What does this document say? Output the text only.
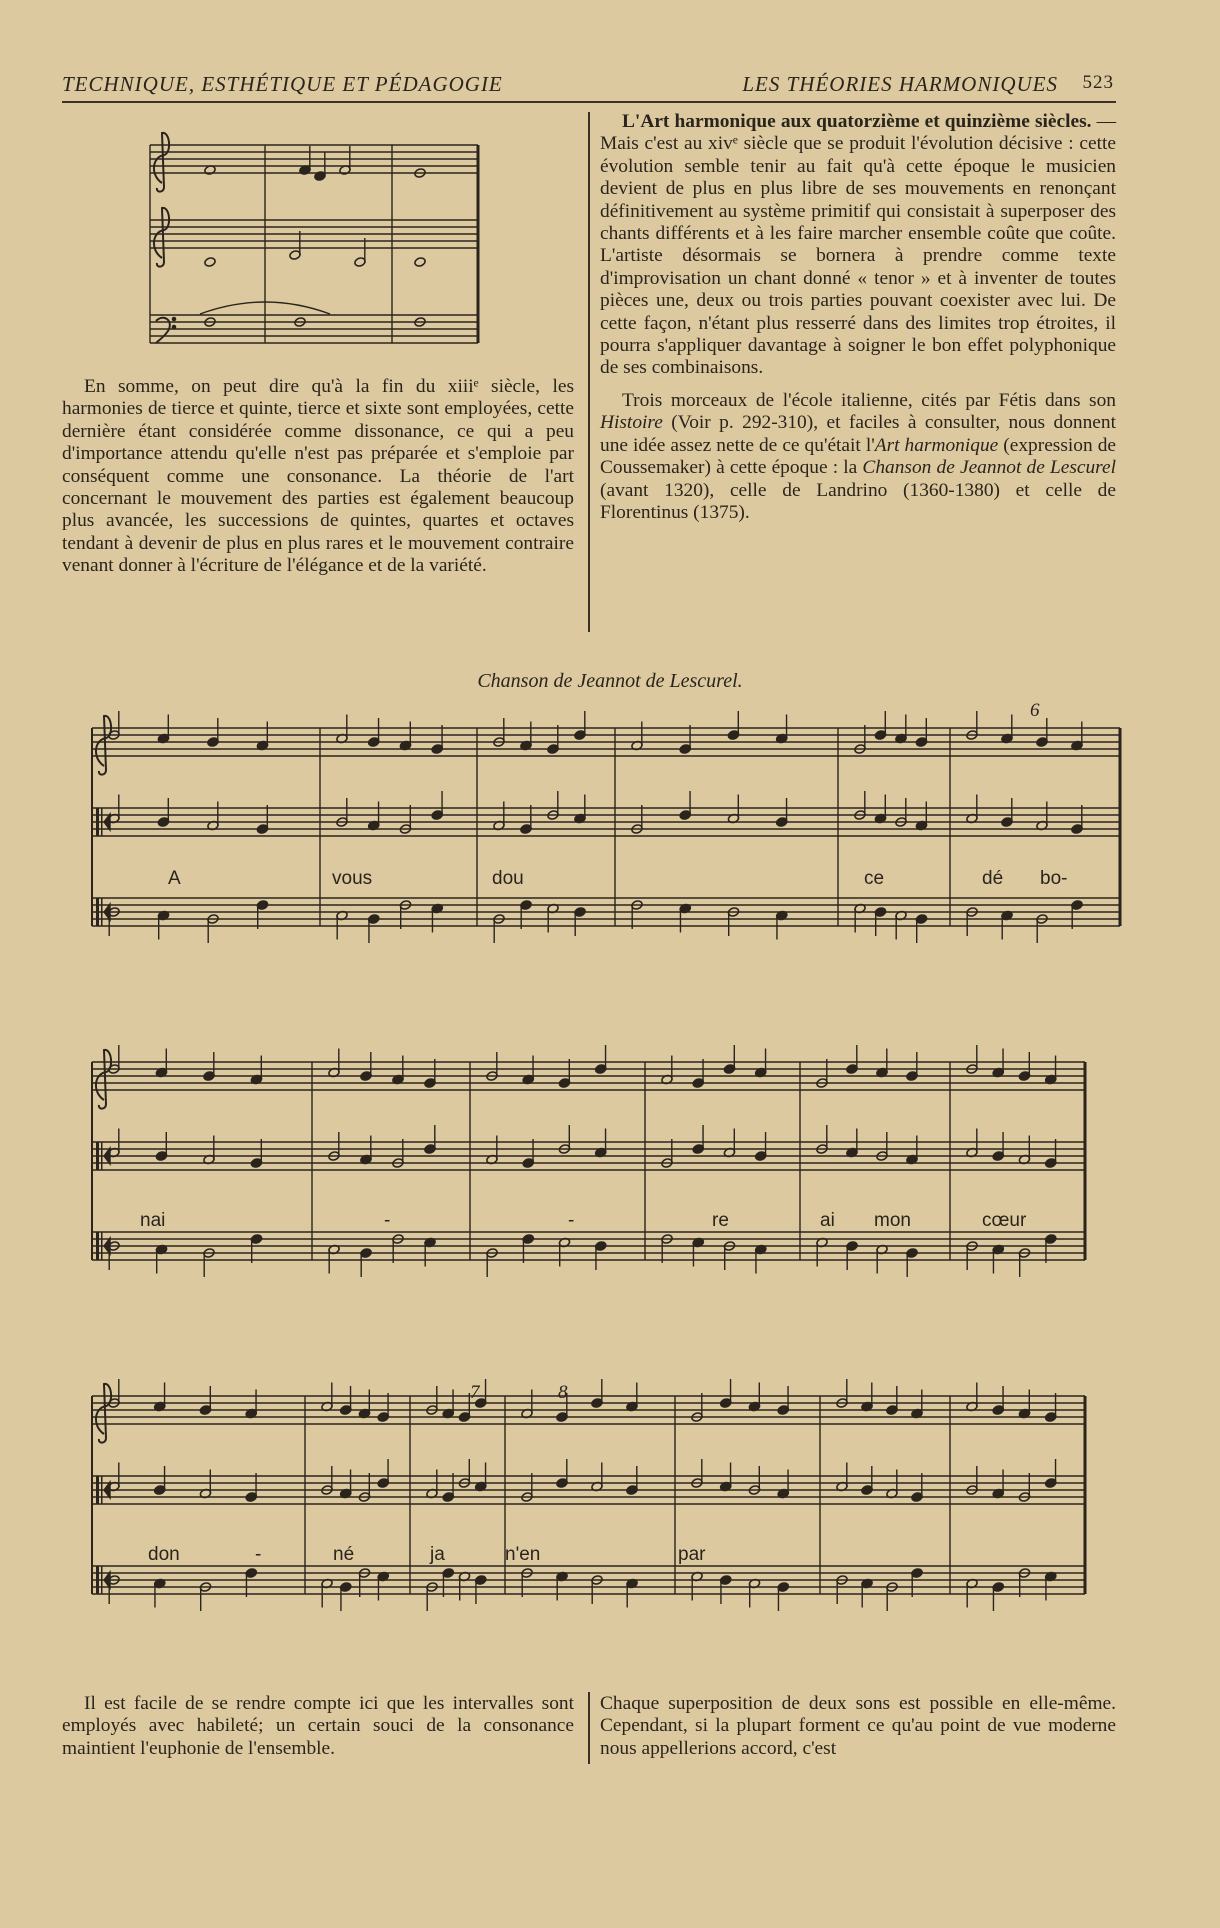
TECHNIQUE, ESTHÉTIQUE ET PÉDAGOGIE	LES THÉORIES HARMONIQUES 523

En somme, on peut dire qu'à la fin du xiiiᵉ siècle, les harmonies de tierce et quinte, tierce et sixte sont employées, cette dernière étant considérée comme dissonance, ce qui a peu d'importance attendu qu'elle n'est pas préparée et s'emploie par conséquent comme une consonance. La théorie de l'art concernant le mouvement des parties est également beaucoup plus avancée, les successions de quintes, quartes et octaves tendant à devenir de plus en plus rares et le mouvement contraire venant donner à l'écriture de l'élégance et de la variété.

L'Art harmonique aux quatorzième et quinzième siècles. — Mais c'est au xivᵉ siècle que se produit l'évolution décisive : cette évolution semble tenir au fait qu'à cette époque le musicien devient de plus en plus libre de ses mouvements en renonçant définitivement au système primitif qui consistait à superposer des chants différents et à les faire marcher ensemble coûte que coûte. L'artiste désormais se bornera à prendre comme texte d'improvisation un chant donné « tenor » et à inventer de toutes pièces une, deux ou trois parties pouvant coexister avec lui. De cette façon, n'étant plus resserré dans des limites trop étroites, il pourra s'appliquer davantage à soigner le bon effet polyphonique de ses combinaisons.

Trois morceaux de l'école italienne, cités par Fétis dans son Histoire (Voir p. 292-310), et faciles à consulter, nous donnent une idée assez nette de ce qu'était l'Art harmonique (expression de Coussemaker) à cette époque : la Chanson de Jeannot de Lescurel (avant 1320), celle de Landrino (1360-1380) et celle de Florentinus (1375).

Chanson de Jeannot de Lescurel.

Il est facile de se rendre compte ici que les intervalles sont employés avec habileté; un certain souci de la consonance maintient l'euphonie de l'ensemble.

Chaque superposition de deux sons est possible en elle-même. Cependant, si la plupart forment ce qu'au point de vue moderne nous appellerions accord, c'est

A	vous	dou	ce	dé bo-
nai	-	-	re	ai mon	cœur
don	-	né	ja	n'en	par
6
7	8
